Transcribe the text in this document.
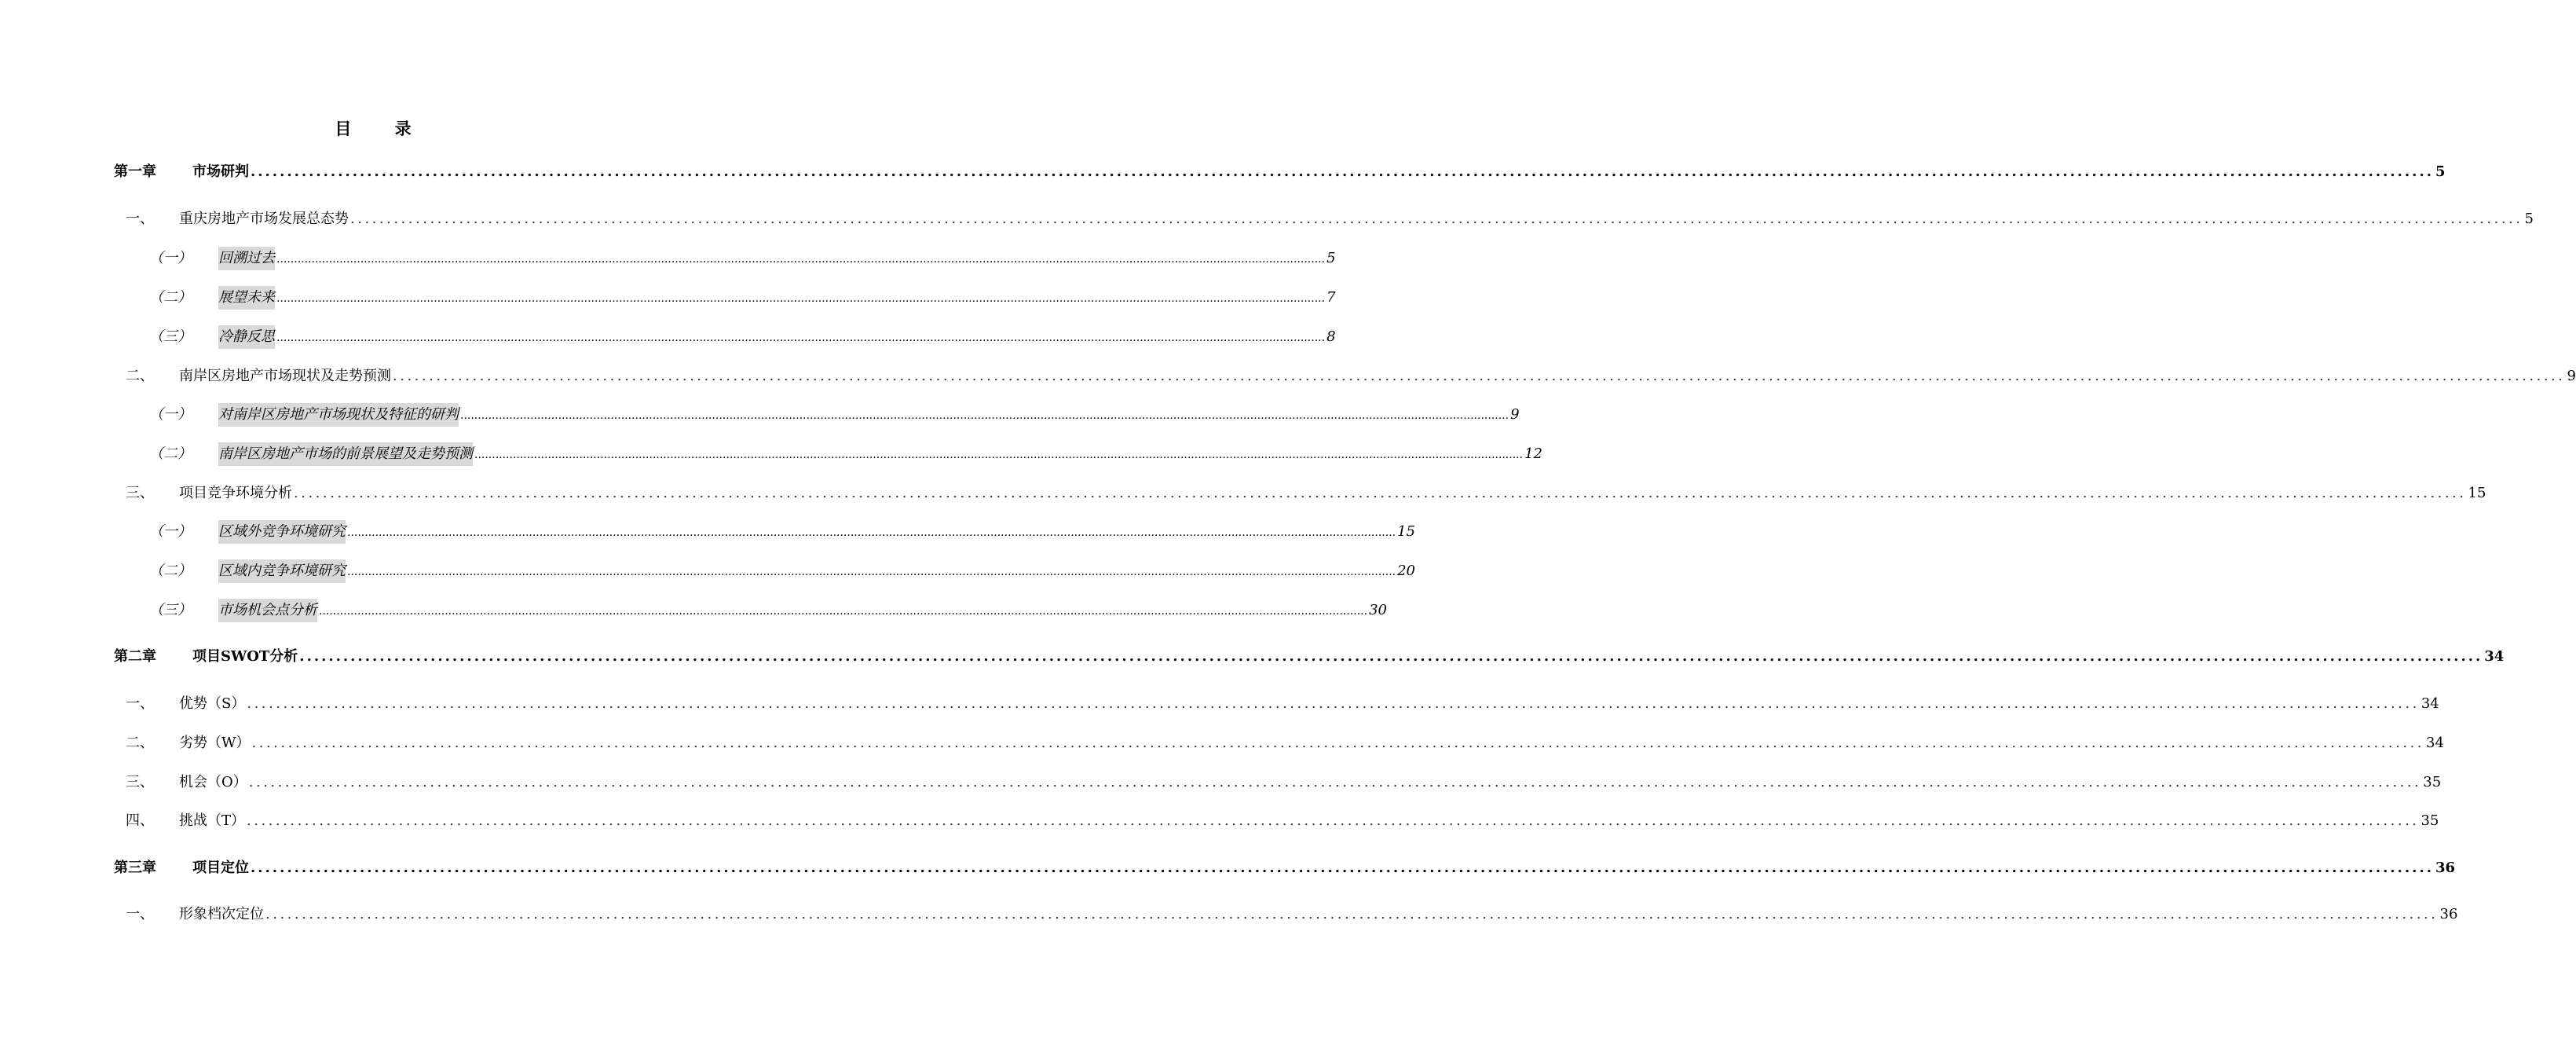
目 录
第一章	市场研判 ............................................................................................................................................................................................................................................................................................................ 5
一、	重庆房地产市场发展总态势 ............................................................................................................................................................................................................................................................................................................ 5
（一）	回溯过去 ............................................................................................................................................................................................................................................................................................................ 5
（二）	展望未来 ............................................................................................................................................................................................................................................................................................................ 7
（三）	冷静反思 ............................................................................................................................................................................................................................................................................................................ 8
二、	南岸区房地产市场现状及走势预测 ............................................................................................................................................................................................................................................................................................................ 9
（一）	对南岸区房地产市场现状及特征的研判 ............................................................................................................................................................................................................................................................................................................ 9
（二）	南岸区房地产市场的前景展望及走势预测 ............................................................................................................................................................................................................................................................................................................ 12
三、	项目竞争环境分析 ............................................................................................................................................................................................................................................................................................................ 15
（一）	区域外竞争环境研究 ............................................................................................................................................................................................................................................................................................................ 15
（二）	区域内竞争环境研究 ............................................................................................................................................................................................................................................................................................................ 20
（三）	市场机会点分析 ............................................................................................................................................................................................................................................................................................................ 30
第二章	项目SWOT分析 ............................................................................................................................................................................................................................................................................................................ 34
一、	优势（S） ............................................................................................................................................................................................................................................................................................................ 34
二、	劣势（W） ............................................................................................................................................................................................................................................................................................................ 34
三、	机会（O） ............................................................................................................................................................................................................................................................................................................ 35
四、	挑战（T） ............................................................................................................................................................................................................................................................................................................ 35
第三章	项目定位 ............................................................................................................................................................................................................................................................................................................ 36
一、	形象档次定位 ............................................................................................................................................................................................................................................................................................................ 36
